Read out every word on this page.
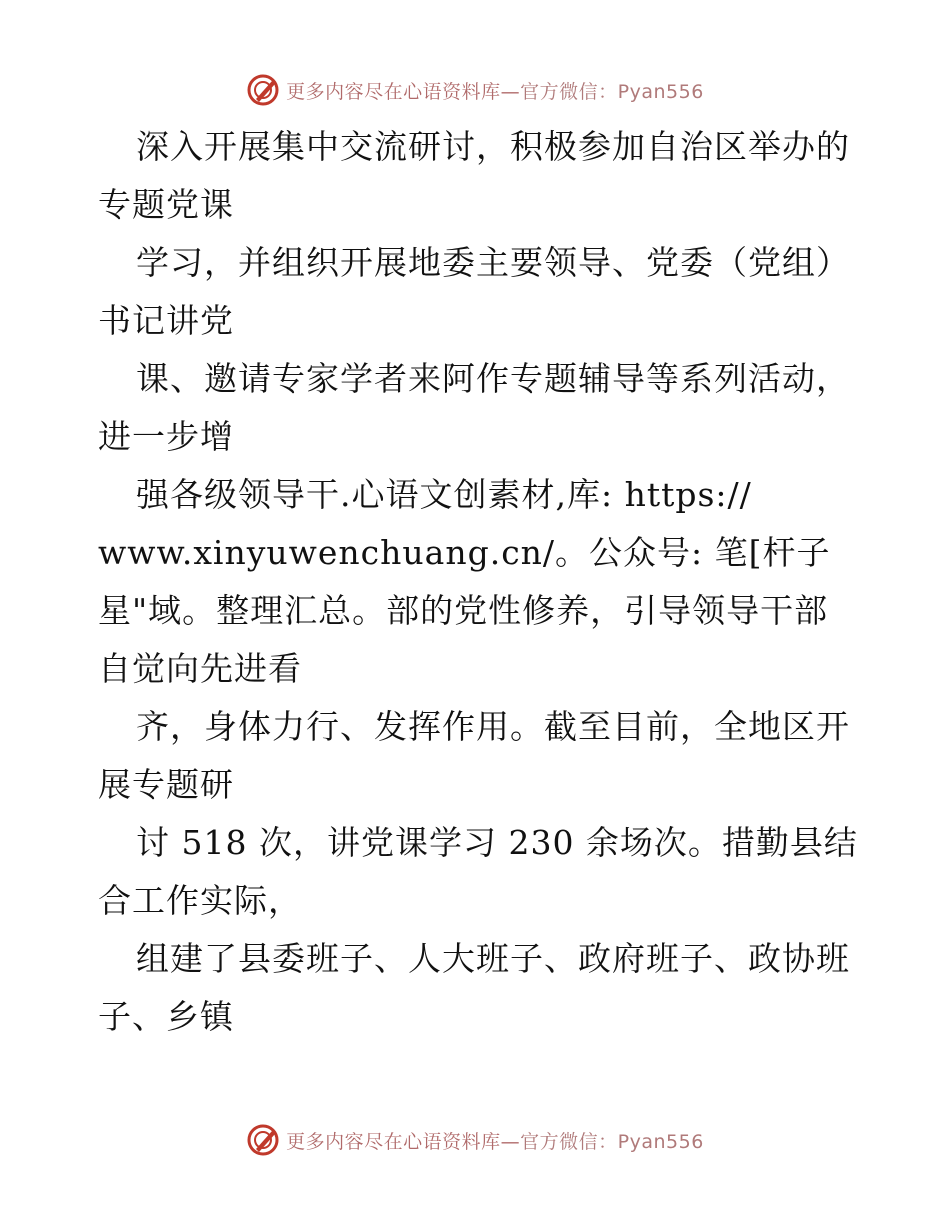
更多内容尽在心语资料库—官方微信：Pyan556
深入开展集中交流研讨，积极参加自治区举办的
专题党课
学习，并组织开展地委主要领导、党委（党组）
书记讲党
课、邀请专家学者来阿作专题辅导等系列活动，
进一步增
强各级领导干.心语文创素材,库: https://
www.xinyuwenchuang.cn/。公众号: 笔[杆子
星"域。整理汇总。部的党性修养，引导领导干部
自觉向先进看
齐，身体力行、发挥作用。截至目前，全地区开
展专题研
讨 518 次，讲党课学习 230 余场次。措勤县结
合工作实际，
组建了县委班子、人大班子、政府班子、政协班
子、乡镇
更多内容尽在心语资料库—官方微信：Pyan556
